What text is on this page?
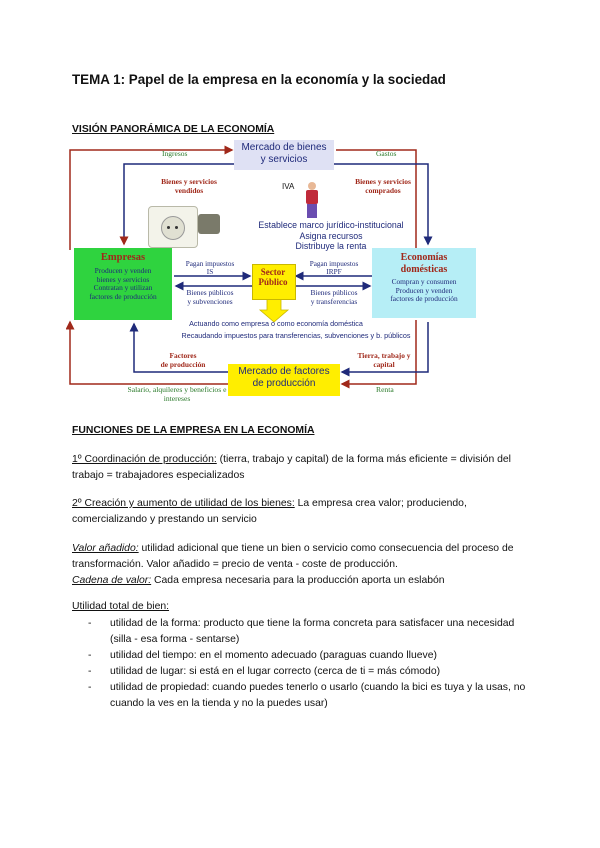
TEMA 1: Papel de la empresa en la economía y la sociedad
VISIÓN PANORÁMICA DE LA ECONOMÍA
Mercado de bienes
y servicios
Ingresos	Gastos
Bienes y servicios
vendidos
Bienes y servicios
comprados
IVA
Establece marco jurídico-institucional
Asigna recursos
Distribuye la renta
Empresas
Producen y venden
bienes y servicios
Contratan y utilizan
factores de producción
Sector
Público
Economías
domésticas
Compran y consumen
Producen y venden
factores de producción
Pagan impuestos
IS
Bienes públicos
y subvenciones
Pagan impuestos
IRPF
Bienes públicos
y transferencias
Actuando como empresa o como economía doméstica
Recaudando impuestos para transferencias, subvenciones y b. públicos
Factores
de producción
Tierra, trabajo y
capital
Mercado de factores
de producción
Salario, alquileres y beneficios e
intereses
Renta
FUNCIONES DE LA EMPRESA EN LA ECONOMÍA
1º Coordinación de producción: (tierra, trabajo y capital) de la forma más eficiente = división del trabajo = trabajadores especializados
2º Creación y aumento de utilidad de los bienes: La empresa crea valor; produciendo, comercializando y prestando un servicio
Valor añadido: utilidad adicional que tiene un bien o servicio como consecuencia del proceso de transformación. Valor añadido = precio de venta - coste de producción.
Cadena de valor: Cada empresa necesaria para la producción aporta un eslabón
Utilidad total de bien:
- utilidad de la forma: producto que tiene la forma concreta para satisfacer una necesidad (silla - esa forma - sentarse)
- utilidad del tiempo: en el momento adecuado (paraguas cuando llueve)
- utilidad de lugar: si está en el lugar correcto (cerca de ti = más cómodo)
- utilidad de propiedad: cuando puedes tenerlo o usarlo (cuando la bici es tuya y la usas, no cuando la ves en la tienda y no la puedes usar)
